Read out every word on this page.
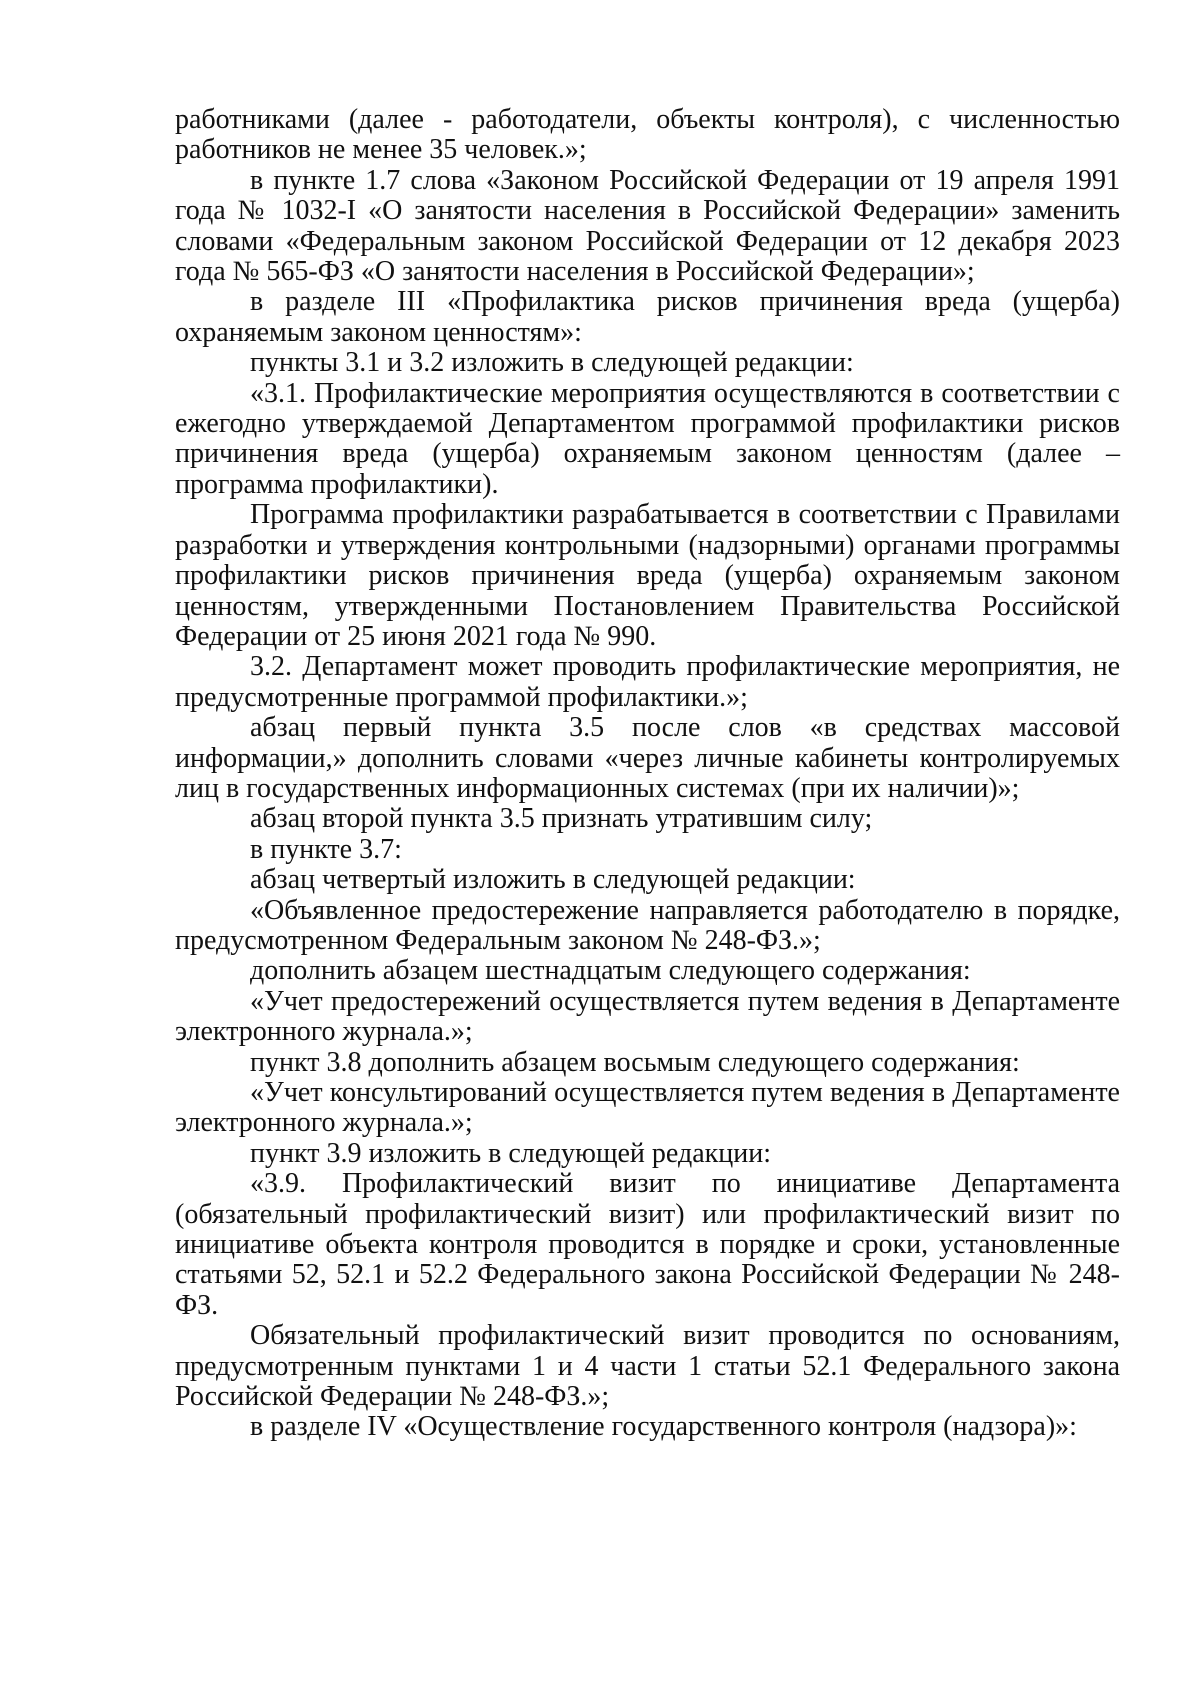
работниками (далее - работодатели, объекты контроля), с численностью работников не менее 35 человек.»;

в пункте 1.7 слова «Законом Российской Федерации от 19 апреля 1991 года № 1032-I «О занятости населения в Российской Федерации» заменить словами «Федеральным законом Российской Федерации от 12 декабря 2023 года № 565-ФЗ «О занятости населения в Российской Федерации»;

в разделе III «Профилактика рисков причинения вреда (ущерба) охраняемым законом ценностям»:

пункты 3.1 и 3.2 изложить в следующей редакции:

«3.1. Профилактические мероприятия осуществляются в соответствии с ежегодно утверждаемой Департаментом программой профилактики рисков причинения вреда (ущерба) охраняемым законом ценностям (далее – программа профилактики).

Программа профилактики разрабатывается в соответствии с Правилами разработки и утверждения контрольными (надзорными) органами программы профилактики рисков причинения вреда (ущерба) охраняемым законом ценностям, утвержденными Постановлением Правительства Российской Федерации от 25 июня 2021 года № 990.

3.2. Департамент может проводить профилактические мероприятия, не предусмотренные программой профилактики.»;

абзац первый пункта 3.5 после слов «в средствах массовой информации,» дополнить словами «через личные кабинеты контролируемых лиц в государственных информационных системах (при их наличии)»;

абзац второй пункта 3.5 признать утратившим силу;

в пункте 3.7:

абзац четвертый изложить в следующей редакции:

«Объявленное предостережение направляется работодателю в порядке, предусмотренном Федеральным законом № 248-ФЗ.»;

дополнить абзацем шестнадцатым следующего содержания:

«Учет предостережений осуществляется путем ведения в Департаменте электронного журнала.»;

пункт 3.8 дополнить абзацем восьмым следующего содержания:

«Учет консультирований осуществляется путем ведения в Департаменте электронного журнала.»;

пункт 3.9 изложить в следующей редакции:

«3.9. Профилактический визит по инициативе Департамента (обязательный профилактический визит) или профилактический визит по инициативе объекта контроля проводится в порядке и сроки, установленные статьями 52, 52.1 и 52.2 Федерального закона Российской Федерации № 248-ФЗ.

Обязательный профилактический визит проводится по основаниям, предусмотренным пунктами 1 и 4 части 1 статьи 52.1 Федерального закона Российской Федерации № 248-ФЗ.»;

в разделе IV «Осуществление государственного контроля (надзора)»:
